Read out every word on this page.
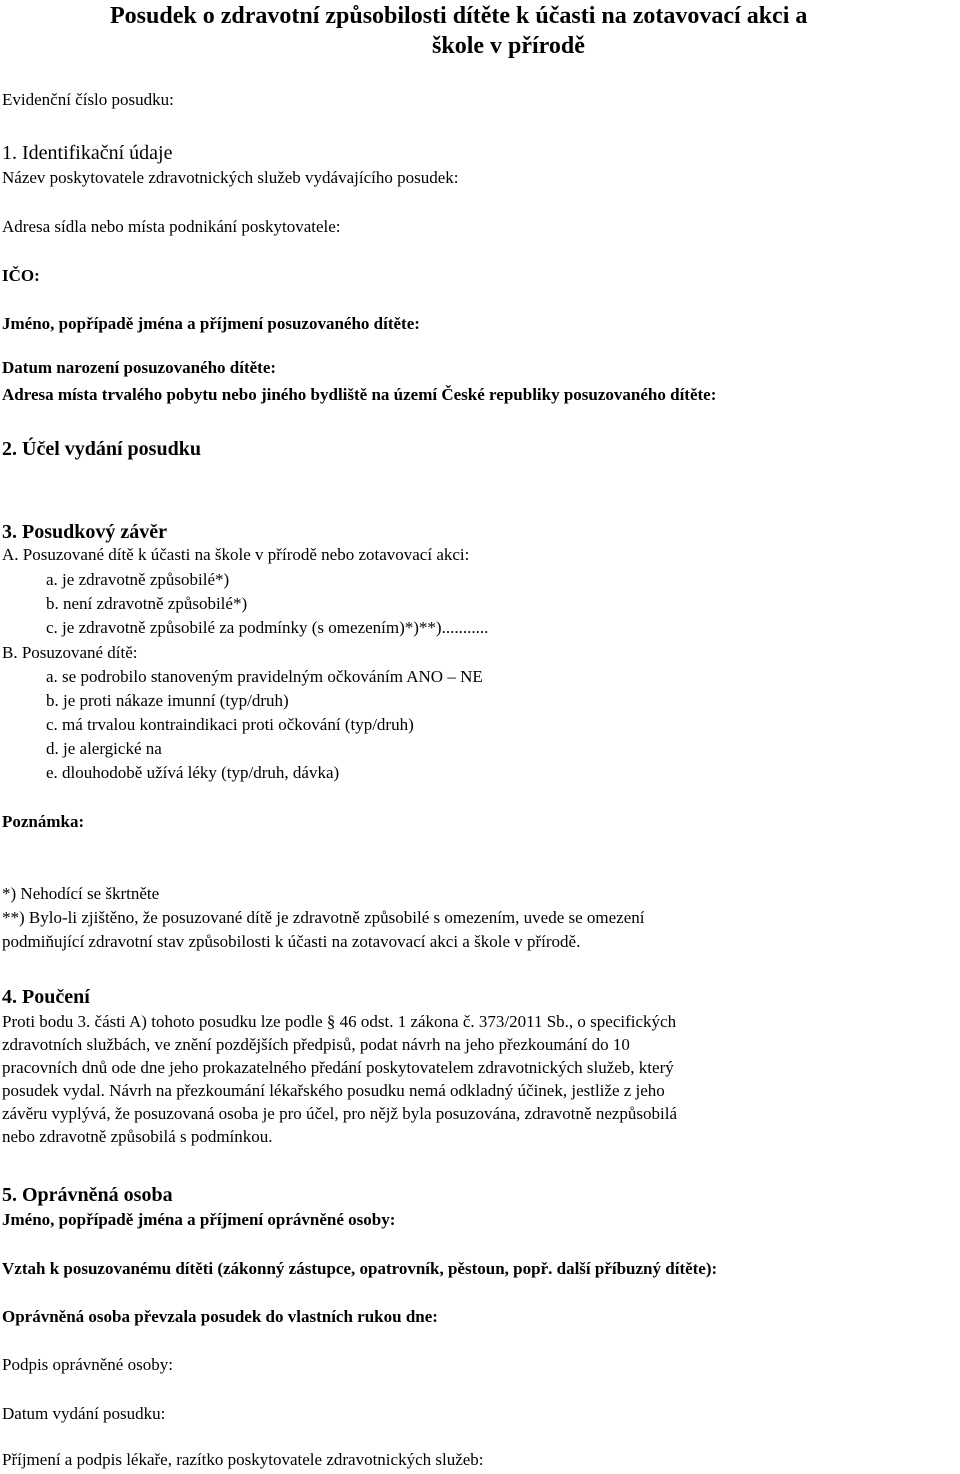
Posudek o zdravotní způsobilosti dítěte k účasti na zotavovací akci a
škole v přírodě
Evidenční číslo posudku:
1. Identifikační údaje
Název poskytovatele zdravotnických služeb vydávajícího posudek:
Adresa sídla nebo místa podnikání poskytovatele:
IČO:
Jméno, popřípadě jména a příjmení posuzovaného dítěte:
Datum narození posuzovaného dítěte:
Adresa místa trvalého pobytu nebo jiného bydliště na území České republiky posuzovaného dítěte:
2. Účel vydání posudku
3. Posudkový závěr
A. Posuzované dítě k účasti na škole v přírodě nebo zotavovací akci:
a. je zdravotně způsobilé*)
b. není zdravotně způsobilé*)
c. je zdravotně způsobilé za podmínky (s omezením)*)**)...........
B. Posuzované dítě:
a. se podrobilo stanoveným pravidelným očkováním ANO – NE
b. je proti nákaze imunní (typ/druh)
c. má trvalou kontraindikaci proti očkování (typ/druh)
d. je alergické na
e. dlouhodobě užívá léky (typ/druh, dávka)
Poznámka:
*) Nehodící se škrtněte
**) Bylo-li zjištěno, že posuzované dítě je zdravotně způsobilé s omezením, uvede se omezení
podmiňující zdravotní stav způsobilosti k účasti na zotavovací akci a škole v přírodě.
4. Poučení
Proti bodu 3. části A) tohoto posudku lze podle § 46 odst. 1 zákona č. 373/2011 Sb., o specifických
zdravotních službách, ve znění pozdějších předpisů, podat návrh na jeho přezkoumání do 10
pracovních dnů ode dne jeho prokazatelného předání poskytovatelem zdravotnických služeb, který
posudek vydal. Návrh na přezkoumání lékařského posudku nemá odkladný účinek, jestliže z jeho
závěru vyplývá, že posuzovaná osoba je pro účel, pro nějž byla posuzována, zdravotně nezpůsobilá
nebo zdravotně způsobilá s podmínkou.
5. Oprávněná osoba
Jméno, popřípadě jména a příjmení oprávněné osoby:
Vztah k posuzovanému dítěti (zákonný zástupce, opatrovník, pěstoun, popř. další příbuzný dítěte):
Oprávněná osoba převzala posudek do vlastních rukou dne:
Podpis oprávněné osoby:
Datum vydání posudku:
Příjmení a podpis lékaře, razítko poskytovatele zdravotnických služeb:
